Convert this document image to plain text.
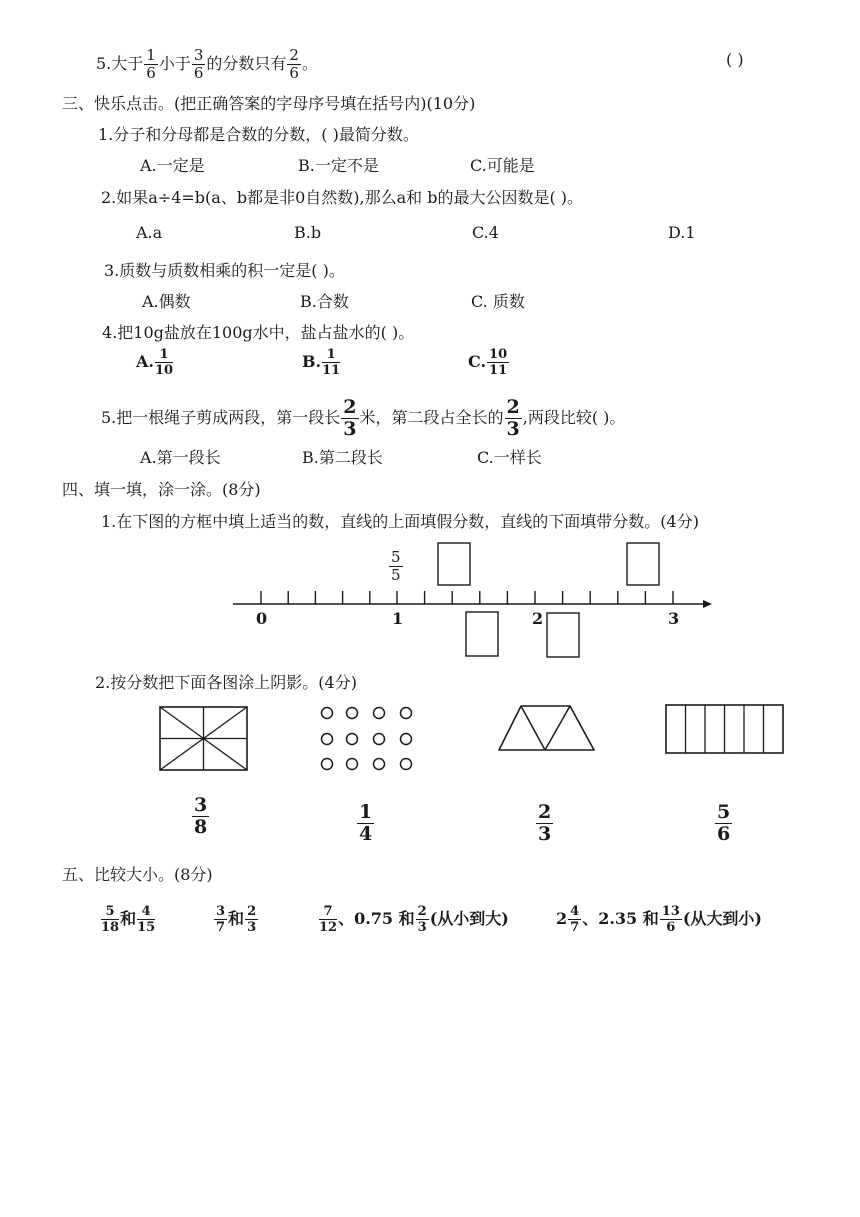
5.大于 $\frac{1}{6}$ 小于 $\frac{3}{6}$ 的分数只有 $\frac{2}{6}$ 。	( )
三、快乐点击。(把正确答案的字母序号填在括号内)(10分)
1.分子和分母都是合数的分数，( )最简分数。
A.一定是	B.一定不是	C.可能是
2.如果a÷4=b(a、b都是非0自然数),那么a和 b的最大公因数是( )。
A.a	B.b	C.4	D.1
3.质数与质数相乘的积一定是( )。
A.偶数	B.合数	C. 质数
4.把10g盐放在100g水中，盐占盐水的( )。
A. $\frac{1}{10}$	B. $\frac{1}{11}$	C. $\frac{10}{11}$
5.把一根绳子剪成两段，第一段长 $\frac{2}{3}$ 米，第二段占全长的 $\frac{2}{3}$ ,两段比较( )。
A.第一段长	B.第二段长	C.一样长
四、填一填，涂一涂。(8分)
1.在下图的方框中填上适当的数，直线的上面填假分数，直线的下面填带分数。(4分)
0	1	2	3
$\frac{5}{5}$
2.按分数把下面各图涂上阴影。(4分)
$\frac{3}{8}$	$\frac{1}{4}$	$\frac{2}{3}$	$\frac{5}{6}$
五、比较大小。(8分)
$\frac{5}{18}$ 和 $\frac{4}{15}$	$\frac{3}{7}$ 和 $\frac{2}{3}$	$\frac{7}{12}$ 、0.75 和 $\frac{2}{3}$ (从小到大)	$2 \frac{4}{7}$ 、2.35 和 $\frac{13}{6}$ (从大到小)
